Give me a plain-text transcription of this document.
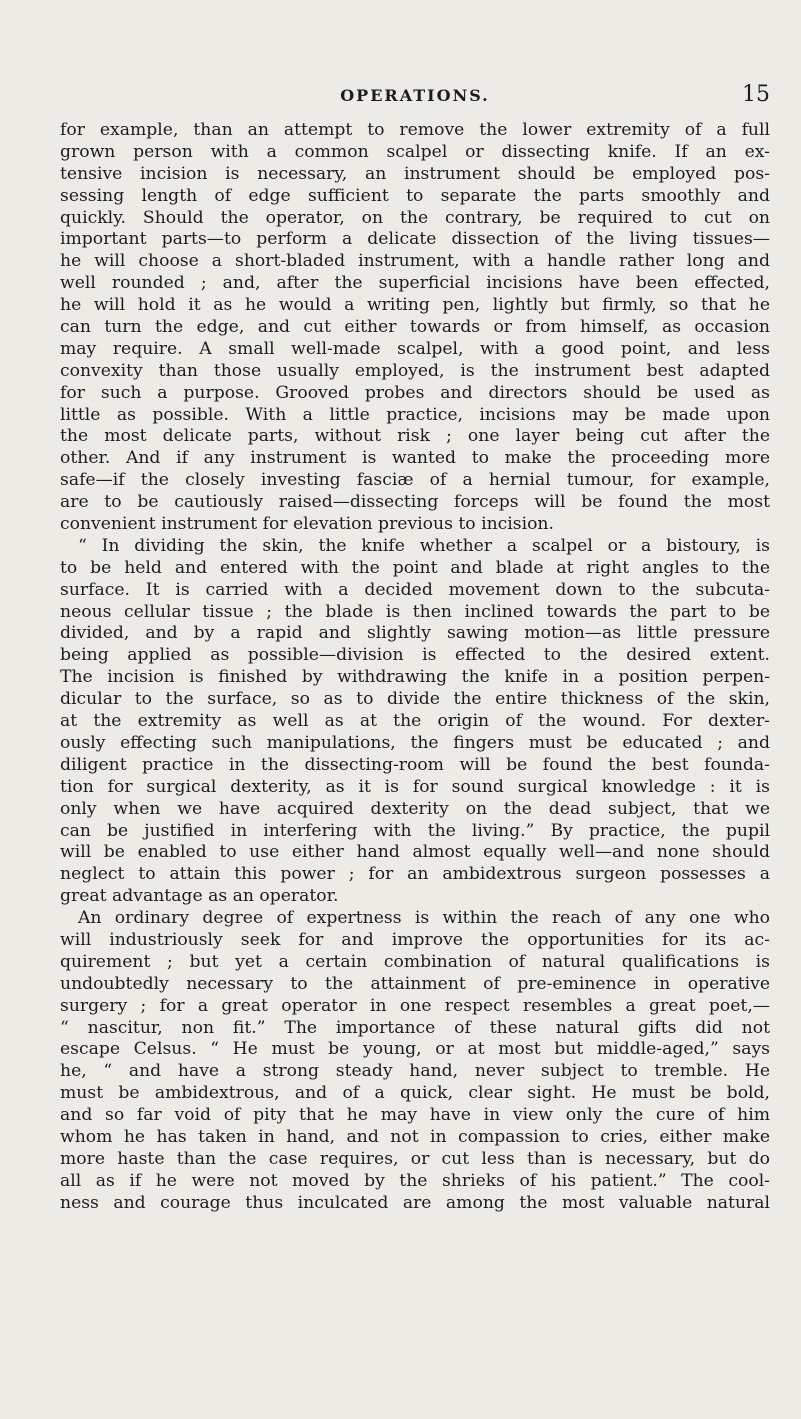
OPERATIONS.	15
for example, than an attempt to remove the lower extremity of a full
grown person with a common scalpel or dissecting knife. If an ex-
tensive incision is necessary, an instrument should be employed pos-
sessing length of edge sufficient to separate the parts smoothly and
quickly. Should the operator, on the contrary, be required to cut on
important parts—to perform a delicate dissection of the living tissues—
he will choose a short-bladed instrument, with a handle rather long and
well rounded ; and, after the superficial incisions have been effected,
he will hold it as he would a writing pen, lightly but firmly, so that he
can turn the edge, and cut either towards or from himself, as occasion
may require. A small well-made scalpel, with a good point, and less
convexity than those usually employed, is the instrument best adapted
for such a purpose. Grooved probes and directors should be used as
little as possible. With a little practice, incisions may be made upon
the most delicate parts, without risk ; one layer being cut after the
other. And if any instrument is wanted to make the proceeding more
safe—if the closely investing fasciæ of a hernial tumour, for example,
are to be cautiously raised—dissecting forceps will be found the most
convenient instrument for elevation previous to incision.
“ In dividing the skin, the knife whether a scalpel or a bistoury, is
to be held and entered with the point and blade at right angles to the
surface. It is carried with a decided movement down to the subcuta-
neous cellular tissue ; the blade is then inclined towards the part to be
divided, and by a rapid and slightly sawing motion—as little pressure
being applied as possible—division is effected to the desired extent.
The incision is finished by withdrawing the knife in a position perpen-
dicular to the surface, so as to divide the entire thickness of the skin,
at the extremity as well as at the origin of the wound. For dexter-
ously effecting such manipulations, the fingers must be educated ; and
diligent practice in the dissecting-room will be found the best founda-
tion for surgical dexterity, as it is for sound surgical knowledge : it is
only when we have acquired dexterity on the dead subject, that we
can be justified in interfering with the living.” By practice, the pupil
will be enabled to use either hand almost equally well—and none should
neglect to attain this power ; for an ambidextrous surgeon possesses a
great advantage as an operator.
An ordinary degree of expertness is within the reach of any one who
will industriously seek for and improve the opportunities for its ac-
quirement ; but yet a certain combination of natural qualifications is
undoubtedly necessary to the attainment of pre-eminence in operative
surgery ; for a great operator in one respect resembles a great poet,—
“ nascitur, non fit.” The importance of these natural gifts did not
escape Celsus. “ He must be young, or at most but middle-aged,” says
he, “ and have a strong steady hand, never subject to tremble. He
must be ambidextrous, and of a quick, clear sight. He must be bold,
and so far void of pity that he may have in view only the cure of him
whom he has taken in hand, and not in compassion to cries, either make
more haste than the case requires, or cut less than is necessary, but do
all as if he were not moved by the shrieks of his patient.” The cool-
ness and courage thus inculcated are among the most valuable natural
